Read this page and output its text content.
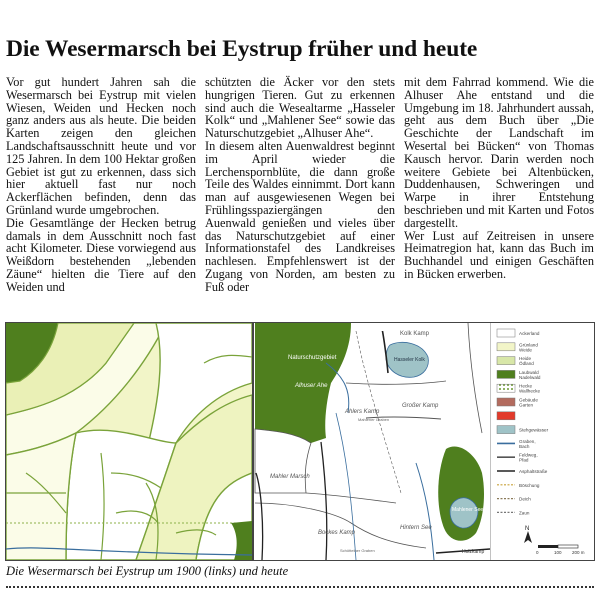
Die Wesermarsch bei Eystrup früher und heute

Vor gut hundert Jahren sah die Wesermarsch bei Eystrup mit vielen Wiesen, Weiden und Hecken noch ganz anders aus als heute. Die beiden Karten zeigen den gleichen Landschaftsausschnitt heute und vor 125 Jahren. In dem 100 Hektar großen Gebiet ist gut zu erkennen, dass sich hier aktuell fast nur noch Ackerflächen befinden, denn das Grünland wurde umgebrochen.

Die Gesamtlänge der Hecken betrug damals in dem Ausschnitt noch fast acht Kilometer. Diese vorwiegend aus Weißdorn bestehenden „lebenden Zäune“ hielten die Tiere auf den Weiden und

schützten die Äcker vor den stets hungrigen Tieren. Gut zu erkennen sind auch die Wesealtarme „Hasseler Kolk“ und „Mahlener See“ sowie das Naturschutzgebiet „Alhuser Ahe“.

In diesem alten Auenwaldrest beginnt im April wieder die Lerchenspornblüte, die dann große Teile des Waldes einnimmt. Dort kann man auf ausgewiesenen Wegen bei Frühlingsspaziergängen den Auenwald genießen und vieles über das Naturschutzgebiet auf einer Informationstafel des Landkreises nachlesen. Empfehlenswert ist der Zugang von Norden, am besten zu Fuß oder

mit dem Fahrrad kommend. Wie die Alhuser Ahe entstand und die Umgebung im 18. Jahrhundert aussah, geht aus dem Buch über „Die Geschichte der Landschaft im Wesertal bei Bücken“ von Thomas Kausch hervor. Darin werden noch weitere Gebiete bei Altenbücken, Duddenhausen, Schweringen und Warpe in ihrer Entstehung beschrieben und mit Karten und Fotos dargestellt.

Wer Lust auf Zeitreisen in unsere Heimatregion hat, kann das Buch im Buchhandel und einigen Geschäften in Bücken erwerben.

Naturschutzgebiet
Alhuser Ahe
Ahlers Kamp
Kolk Kamp
Hasseler Kolk
Großer Kamp
Mahlener See
Mahler Marsch
Bockes Kamp
Hintern See
Holzkamp
Mahlener Graben
Schöttelner Graben
Ackerland
Grünland Weide
Heide Ödland
Laubwald Nadelwald
Hecke Wallhecke
Gebäude Garten
Stehgewässer
Graben, Bach
Feldweg, Pfad
Asphaltstraße
Böschung
Deich
Zaun
N
0	100 200 m
Die Wesermarsch bei Eystrup um 1900 (links) und heute
